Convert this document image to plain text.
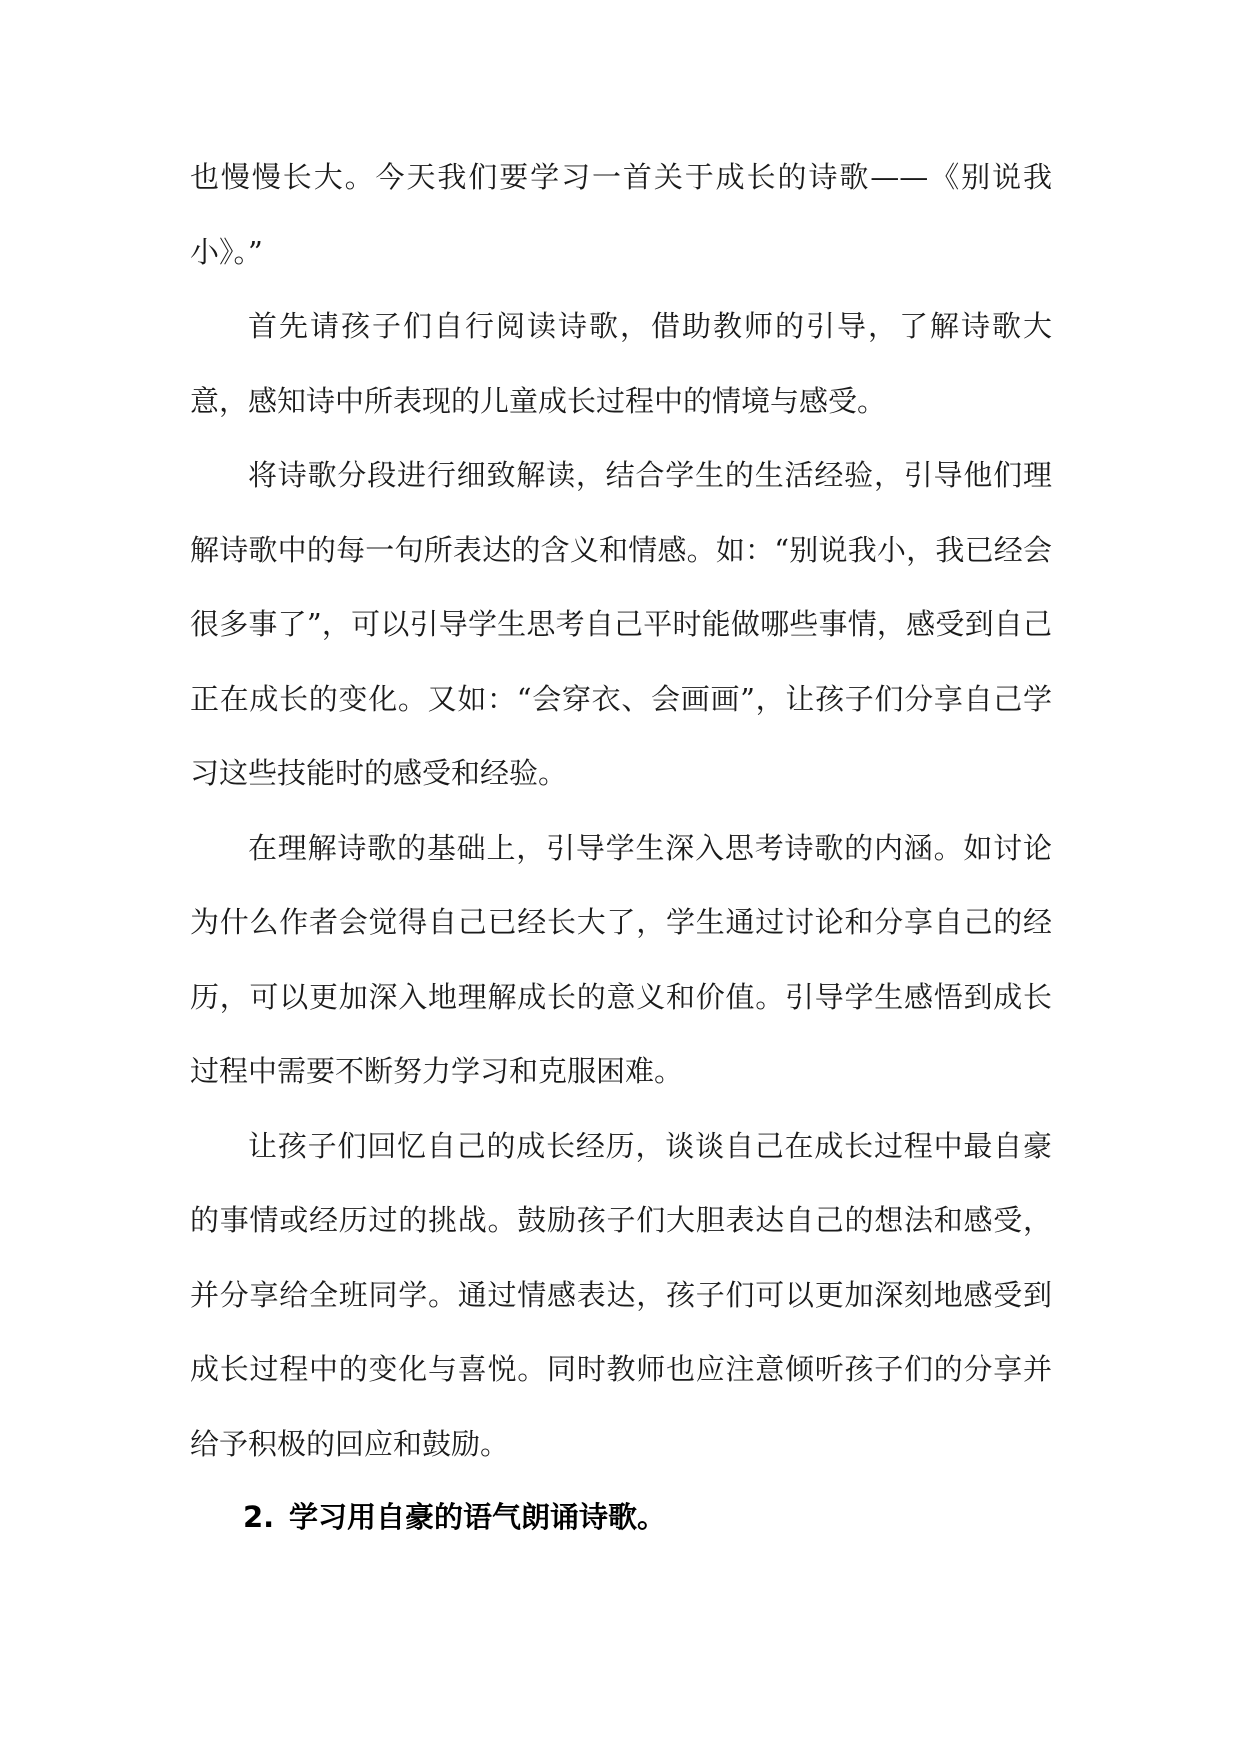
也慢慢长大。今天我们要学习一首关于成长的诗歌——《别说我小》。”

首先请孩子们自行阅读诗歌，借助教师的引导，了解诗歌大意，感知诗中所表现的儿童成长过程中的情境与感受。

将诗歌分段进行细致解读，结合学生的生活经验，引导他们理解诗歌中的每一句所表达的含义和情感。如：“别说我小，我已经会很多事了”，可以引导学生思考自己平时能做哪些事情，感受到自己正在成长的变化。又如：“会穿衣、会画画”，让孩子们分享自己学习这些技能时的感受和经验。

在理解诗歌的基础上，引导学生深入思考诗歌的内涵。如讨论为什么作者会觉得自己已经长大了，学生通过讨论和分享自己的经历，可以更加深入地理解成长的意义和价值。引导学生感悟到成长过程中需要不断努力学习和克服困难。

让孩子们回忆自己的成长经历，谈谈自己在成长过程中最自豪的事情或经历过的挑战。鼓励孩子们大胆表达自己的想法和感受，并分享给全班同学。通过情感表达，孩子们可以更加深刻地感受到成长过程中的变化与喜悦。同时教师也应注意倾听孩子们的分享并给予积极的回应和鼓励。

2. 学习用自豪的语气朗诵诗歌。
